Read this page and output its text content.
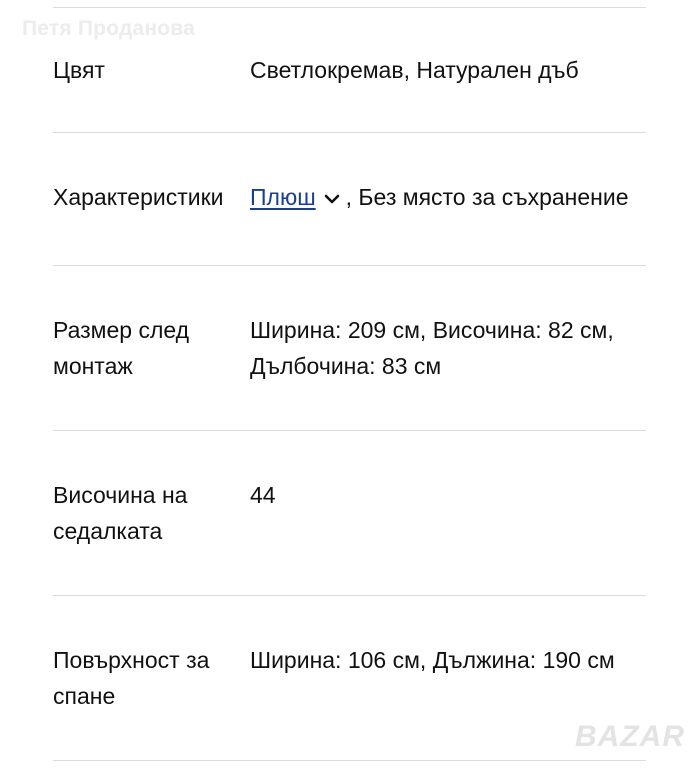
Петя Проданова
Цвят	Светлокремав, Натурален дъб
Характеристики	Плюш , Без място за съхранение
Размер след монтаж
Ширина: 209 см, Височина: 82 см, Дълбочина: 83 см
Височина на седалката
44
Повърхност за спане
Ширина: 106 см, Дължина: 190 см
BAZAR
